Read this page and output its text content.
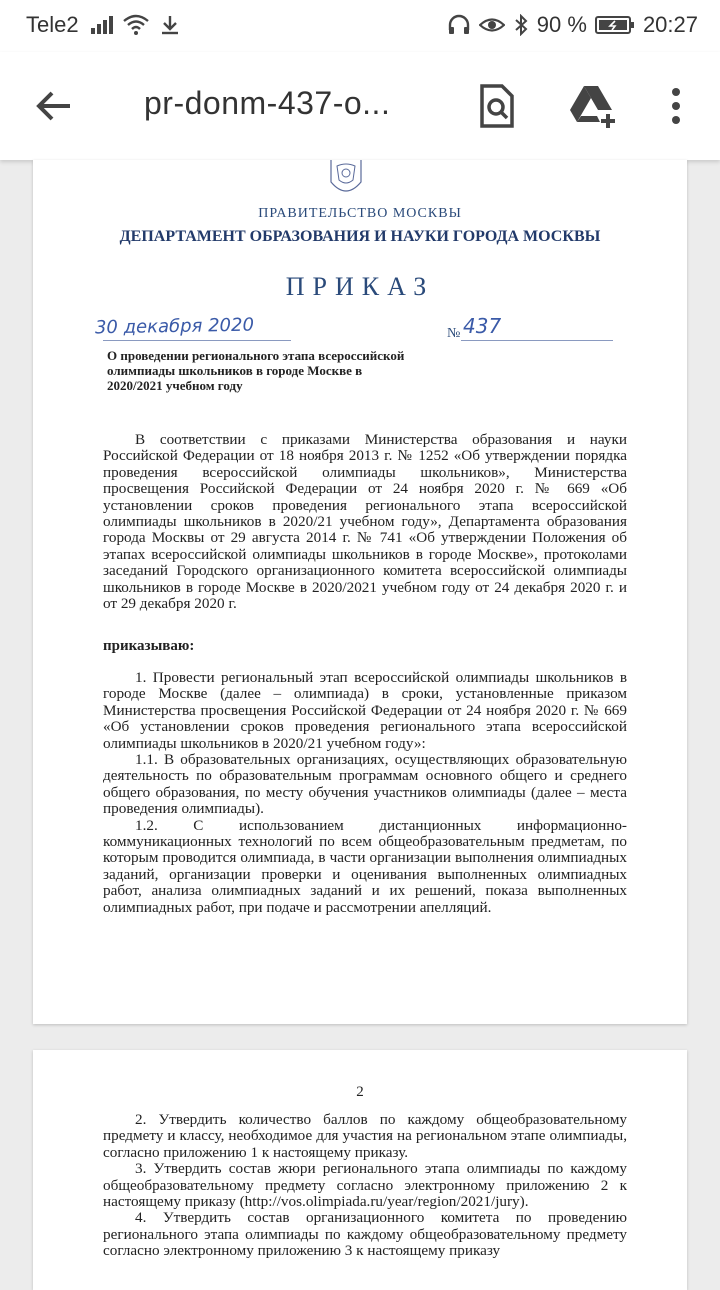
Tele2	90 %	20:27
pr-donm-437-o...
ПРАВИТЕЛЬСТВО МОСКВЫ
ДЕПАРТАМЕНТ ОБРАЗОВАНИЯ И НАУКИ ГОРОДА МОСКВЫ
ПРИКАЗ
30 декабря 2020	№ 437
О проведении регионального этапа всероссийской олимпиады школьников в городе Москве в 2020/2021 учебном году

В соответствии с приказами Министерства образования и науки Российской Федерации от 18 ноября 2013 г. № 1252 «Об утверждении порядка проведения всероссийской олимпиады школьников», Министерства просвещения Российской Федерации от 24 ноября 2020 г. № 669 «Об установлении сроков проведения регионального этапа всероссийской олимпиады школьников в 2020/21 учебном году», Департамента образования города Москвы от 29 августа 2014 г. № 741 «Об утверждении Положения об этапах всероссийской олимпиады школьников в городе Москве», протоколами заседаний Городского организационного комитета всероссийской олимпиады школьников в городе Москве в 2020/2021 учебном году от 24 декабря 2020 г. и от 29 декабря 2020 г.

приказываю:

1. Провести региональный этап всероссийской олимпиады школьников в городе Москве (далее – олимпиада) в сроки, установленные приказом Министерства просвещения Российской Федерации от 24 ноября 2020 г. № 669 «Об установлении сроков проведения регионального этапа всероссийской олимпиады школьников в 2020/21 учебном году»:

1.1. В образовательных организациях, осуществляющих образовательную деятельность по образовательным программам основного общего и среднего общего образования, по месту обучения участников олимпиады (далее – места проведения олимпиады).

1.2. С использованием дистанционных информационно-коммуникационных технологий по всем общеобразовательным предметам, по которым проводится олимпиада, в части организации выполнения олимпиадных заданий, организации проверки и оценивания выполненных олимпиадных работ, анализа олимпиадных заданий и их решений, показа выполненных олимпиадных работ, при подаче и рассмотрении апелляций.

2

2. Утвердить количество баллов по каждому общеобразовательному предмету и классу, необходимое для участия на региональном этапе олимпиады, согласно приложению 1 к настоящему приказу.

3. Утвердить состав жюри регионального этапа олимпиады по каждому общеобразовательному предмету согласно электронному приложению 2 к настоящему приказу (http://vos.olimpiada.ru/year/region/2021/jury).

4. Утвердить состав организационного комитета по проведению регионального этапа олимпиады по каждому общеобразовательному предмету согласно электронному приложению 3 к настоящему приказу
